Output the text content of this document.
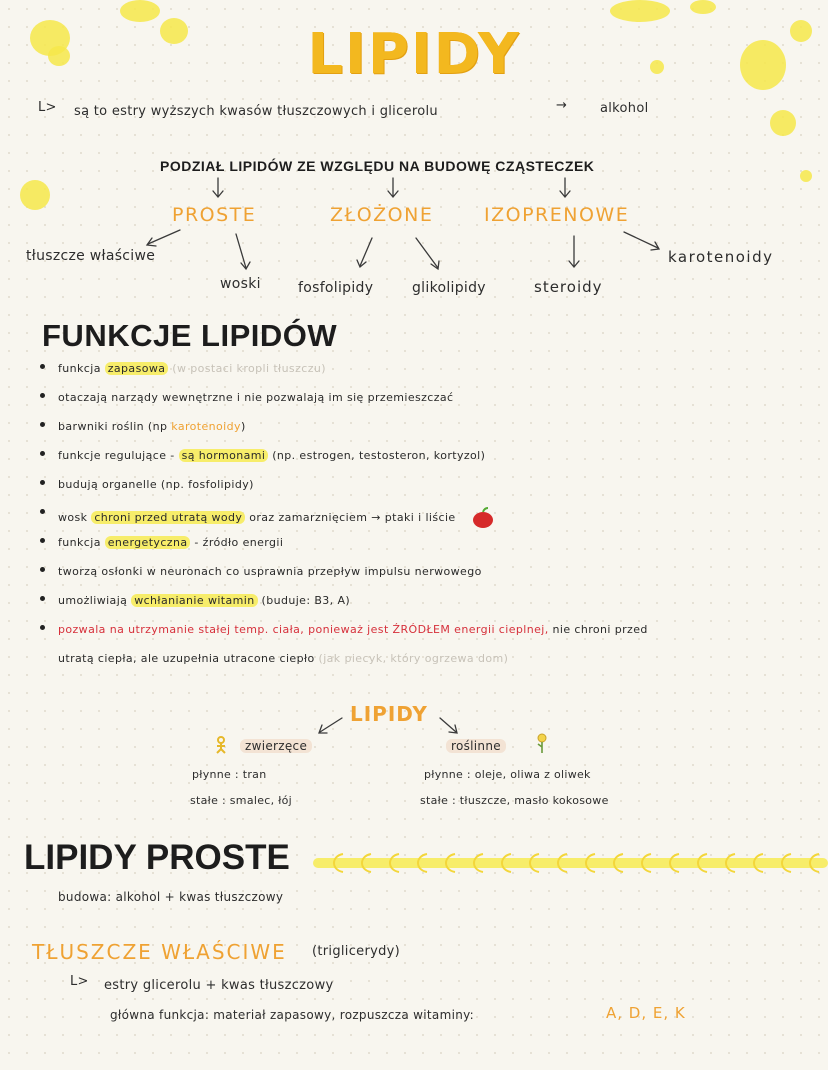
LIPIDY
L> są to estry wyższych kwasów tłuszczowych i glicerolu	→	alkohol
PODZIAŁ LIPIDÓW ZE WZGLĘDU NA BUDOWĘ CZĄSTECZEK
PROSTE	ZŁOŻONE	IZOPRENOWE
tłuszcze właściwe
woski	fosfolipidy	glikolipidy	steroidy
karotenoidy
FUNKCJE LIPIDÓW
funkcja zapasowa (w postaci kropli tłuszczu)
otaczają narządy wewnętrzne i nie pozwalają im się przemieszczać
barwniki roślin (np karotenoidy)
funkcje regulujące - są hormonami (np. estrogen, testosteron, kortyzol)
budują organelle (np. fosfolipidy)
wosk chroni przed utratą wody oraz zamarznięciem → ptaki i liście
funkcja energetyczna - źródło energii
tworzą osłonki w neuronach co usprawnia przepływ impulsu nerwowego
umożliwiają wchłanianie witamin (buduje: B3, A)
pozwala na utrzymanie stałej temp. ciała, ponieważ jest ŹRÓDŁEM energii cieplnej, nie chroni przed
utratą ciepła, ale uzupełnia utracone ciepło (jak piecyk, który ogrzewa dom)
LIPIDY
zwierzęce	roślinne
płynne : tran
stałe : smalec, łój
płynne : oleje, oliwa z oliwek
stałe : tłuszcze, masło kokosowe
LIPIDY PROSTE
budowa: alkohol + kwas tłuszczowy
TŁUSZCZE WŁAŚCIWE (triglicerydy)
L> estry glicerolu + kwas tłuszczowy
główna funkcja: materiał zapasowy, rozpuszcza witaminy:	A, D, E, K
